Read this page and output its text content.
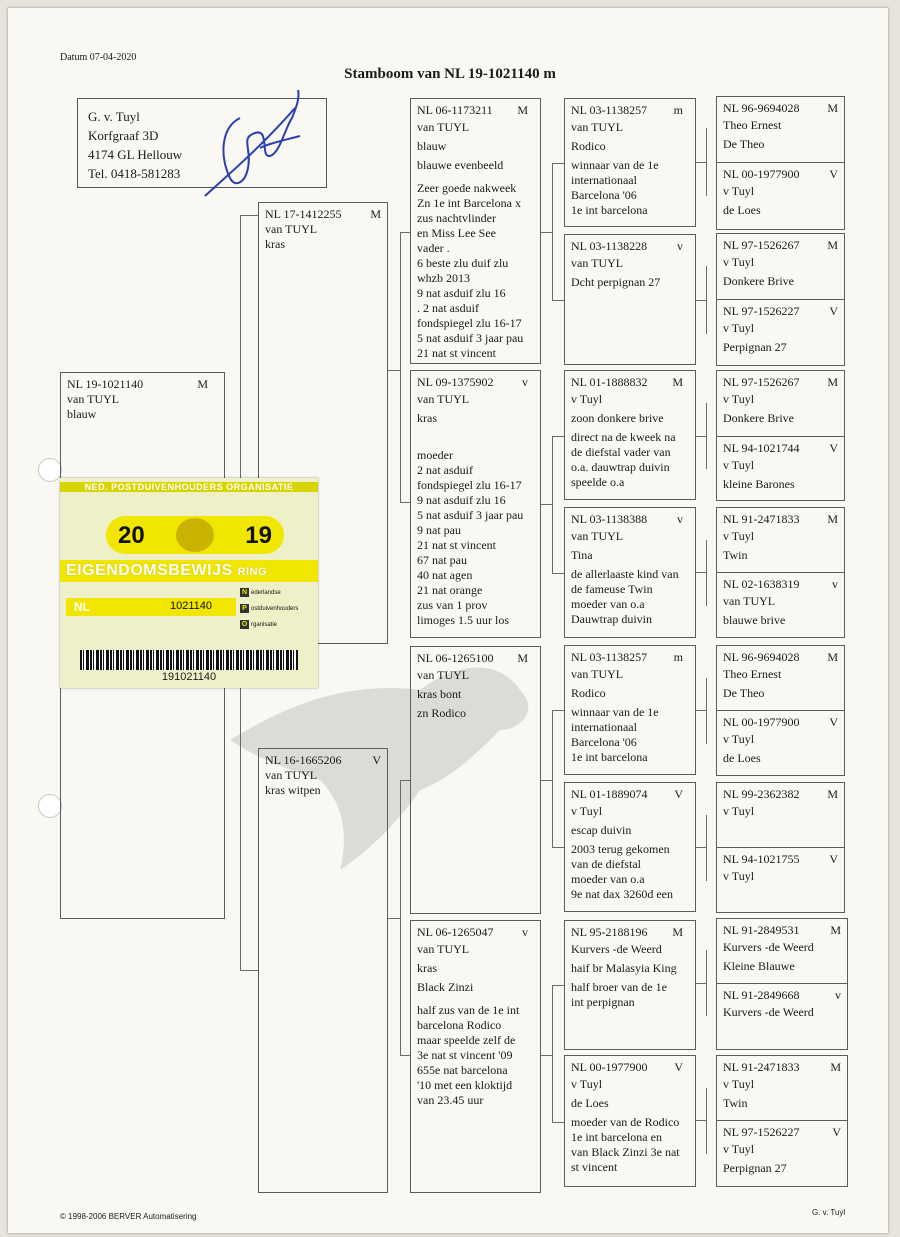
Datum 07-04-2020
Stamboom van NL 19-1021140 m
G. v. Tuyl
Korfgraaf 3D
4174 GL Hellouw
Tel. 0418-581283
NL 19-1021140	M
van TUYL
blauw
NL 17-1412255 M
van TUYL
kras
NL 16-1665206	V
van TUYL
kras witpen
NL 06-1173211 M
van TUYL
blauw
blauwe evenbeeld
Zeer goede nakweek
Zn 1e int Barcelona x
zus nachtvlinder
en Miss Lee See
vader .
6 beste zlu duif zlu
whzb 2013
9 nat asduif zlu 16
. 2 nat asduif
fondspiegel zlu 16-17
5 nat asduif 3 jaar pau
21 nat st vincent
NL 09-1375902 v
van TUYL
kras
moeder
2 nat asduif
fondspiegel zlu 16-17
9 nat asduif zlu 16
5 nat asduif 3 jaar pau
9 nat pau
21 nat st vincent
67 nat pau
40 nat agen
21 nat orange
zus van 1 prov
limoges 1.5 uur los
NL 06-1265100 M
van TUYL
kras bont
zn Rodico
NL 06-1265047 v
van TUYL
kras
Black Zinzi
half zus van de 1e int
barcelona Rodico
maar speelde zelf de
3e nat st vincent '09
655e nat barcelona
'10 met een kloktijd
van 23.45 uur
NL 03-1138257 m
van TUYL
Rodico
winnaar van de 1e
internationaal
Barcelona '06
1e int barcelona
NL 03-1138228 v
van TUYL
Dcht perpignan 27
NL 01-1888832 M
v Tuyl
zoon donkere brive
direct na de kweek na
de diefstal vader van
o.a. dauwtrap duivin
speelde o.a
NL 03-1138388 v
van TUYL
Tina
de allerlaaste kind van
de fameuse Twin
moeder van o.a
Dauwtrap duivin
NL 03-1138257 m
van TUYL
Rodico
winnaar van de 1e
internationaal
Barcelona '06
1e int barcelona
NL 01-1889074 V
v Tuyl
escap duivin
2003 terug gekomen
van de diefstal
moeder van o.a
9e nat dax 3260d een
NL 95-2188196 M
Kurvers -de Weerd
haif br Malasyia King
half broer van de 1e
int perpignan
NL 00-1977900 V
v Tuyl
de Loes
moeder van de Rodico
1e int barcelona en
van Black Zinzi 3e nat
st vincent
NL 96-9694028 M
Theo Ernest
De Theo
NL 00-1977900 V
v Tuyl
de Loes
NL 97-1526267 M
v Tuyl
Donkere Brive
NL 97-1526227 V
v Tuyl
Perpignan 27
NL 97-1526267 M
v Tuyl
Donkere Brive
NL 94-1021744 V
v Tuyl
kleine Barones
NL 91-2471833 M
v Tuyl
Twin
NL 02-1638319	v
van TUYL
blauwe brive
NL 96-9694028 M
Theo Ernest
De Theo
NL 00-1977900 V
v Tuyl
de Loes
NL 99-2362382 M
v Tuyl
NL 94-1021755 V
v Tuyl
NL 91-2849531	M
Kurvers -de Weerd
Kleine Blauwe
NL 91-2849668	v
Kurvers -de Weerd
NL 91-2471833	M
v Tuyl
Twin
NL 97-1526227	V
v Tuyl
Perpignan 27
NED. POSTDUIVENHOUDERS ORGANISATIE
20	19
EIGENDOMSBEWIJS RING
NL	1021140
N ederlandse
P ostduivenhouders
O rganisatie
191021140
© 1998-2006 BERVER Automatisering	G. v. Tuyl
